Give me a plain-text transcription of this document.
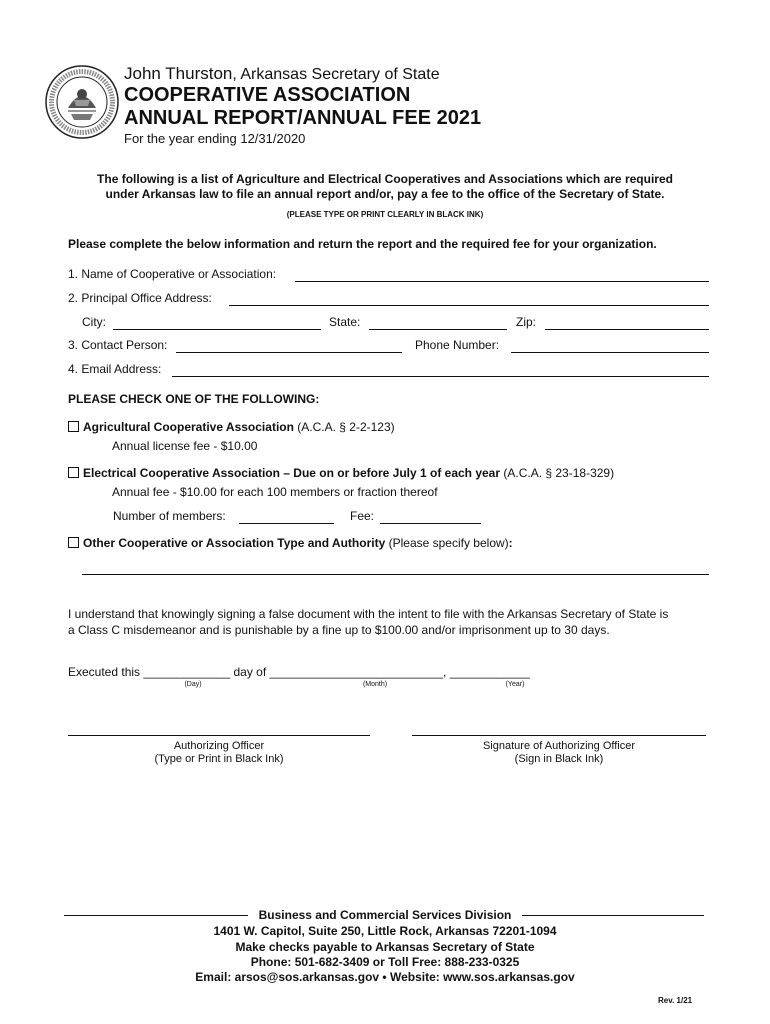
John Thurston, Arkansas Secretary of State
COOPERATIVE ASSOCIATION
ANNUAL REPORT/ANNUAL FEE 2021
For the year ending 12/31/2020
The following is a list of Agriculture and Electrical Cooperatives and Associations which are required
under Arkansas law to file an annual report and/or, pay a fee to the office of the Secretary of State.
(PLEASE TYPE OR PRINT CLEARLY IN BLACK INK)
Please complete the below information and return the report and the required fee for your organization.
1. Name of Cooperative or Association:
2. Principal Office Address:
City:	State:	Zip:
3. Contact Person:	Phone Number:
4. Email Address:
PLEASE CHECK ONE OF THE FOLLOWING:
Agricultural Cooperative Association (A.C.A. § 2-2-123)
Annual license fee - $10.00
Electrical Cooperative Association – Due on or before July 1 of each year (A.C.A. § 23-18-329)
Annual fee - $10.00 for each 100 members or fraction thereof
Number of members:	Fee:
Other Cooperative or Association Type and Authority (Please specify below):
I understand that knowingly signing a false document with the intent to file with the Arkansas Secretary of State is
a Class C misdemeanor and is punishable by a fine up to $100.00 and/or imprisonment up to 30 days.
Executed this _____________ day of __________________________, ____________
(Day)	(Month)	(Year)
Authorizing Officer
(Type or Print in Black Ink)
Signature of Authorizing Officer
(Sign in Black Ink)
Business and Commercial Services Division
1401 W. Capitol, Suite 250, Little Rock, Arkansas 72201-1094
Make checks payable to Arkansas Secretary of State
Phone: 501-682-3409 or Toll Free: 888-233-0325
Email: arsos@sos.arkansas.gov • Website: www.sos.arkansas.gov
Rev. 1/21
